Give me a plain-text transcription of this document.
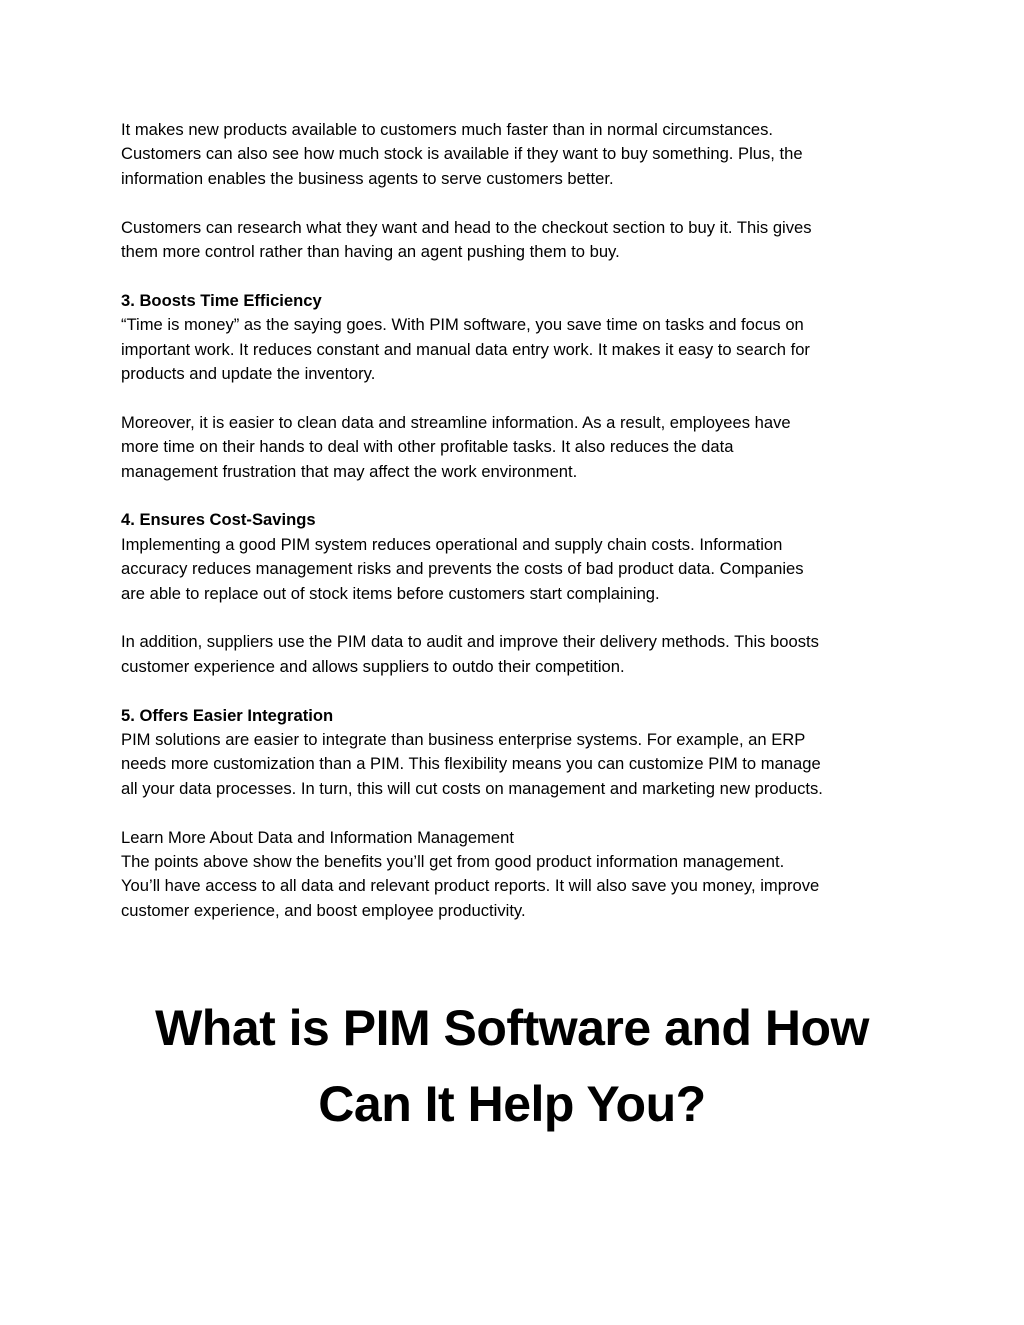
It makes new products available to customers much faster than in normal circumstances.
Customers can also see how much stock is available if they want to buy something. Plus, the
information enables the business agents to serve customers better.

Customers can research what they want and head to the checkout section to buy it. This gives
them more control rather than having an agent pushing them to buy.

3. Boosts Time Efficiency
“Time is money” as the saying goes. With PIM software, you save time on tasks and focus on
important work. It reduces constant and manual data entry work. It makes it easy to search for
products and update the inventory.

Moreover, it is easier to clean data and streamline information. As a result, employees have
more time on their hands to deal with other profitable tasks. It also reduces the data
management frustration that may affect the work environment.

4. Ensures Cost-Savings
Implementing a good PIM system reduces operational and supply chain costs. Information
accuracy reduces management risks and prevents the costs of bad product data. Companies
are able to replace out of stock items before customers start complaining.

In addition, suppliers use the PIM data to audit and improve their delivery methods. This boosts
customer experience and allows suppliers to outdo their competition.

5. Offers Easier Integration
PIM solutions are easier to integrate than business enterprise systems. For example, an ERP
needs more customization than a PIM. This flexibility means you can customize PIM to manage
all your data processes. In turn, this will cut costs on management and marketing new products.

Learn More About Data and Information Management
The points above show the benefits you’ll get from good product information management.
You’ll have access to all data and relevant product reports. It will also save you money, improve
customer experience, and boost employee productivity.

What is PIM Software and How
Can It Help You?
